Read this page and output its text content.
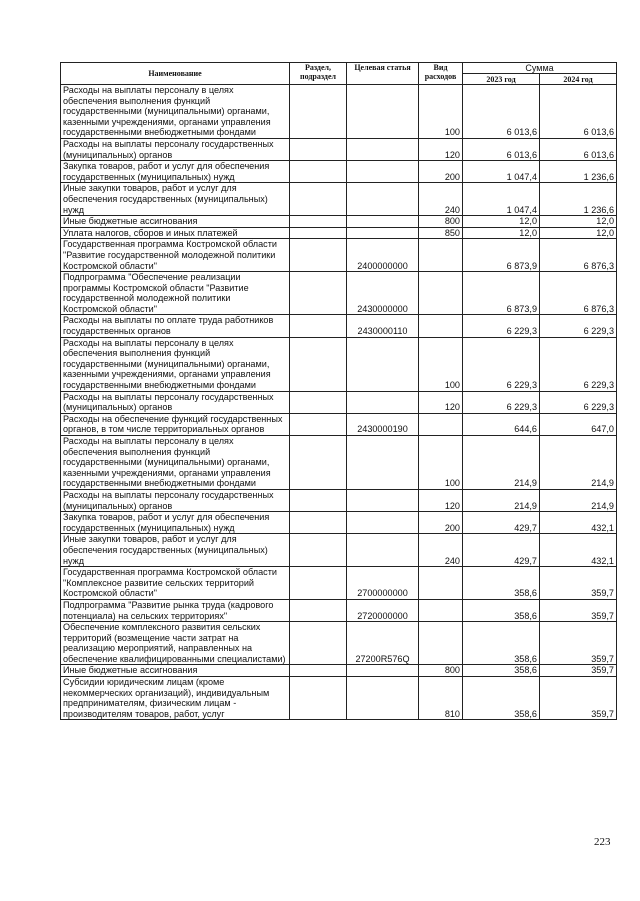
Наименование	Раздел, подраздел	Целевая статья	Вид расходов	Сумма	
				2023 год	2024 год
Расходы на выплаты персоналу в целях обеспечения выполнения функций государственными (муниципальными) органами, казенными учреждениями, органами управления государственными внебюджетными фондами			100	6 013,6	6 013,6
Расходы на выплаты персоналу государственных (муниципальных) органов			120	6 013,6	6 013,6
Закупка товаров, работ и услуг для обеспечения государственных (муниципальных) нужд			200	1 047,4	1 236,6
Иные закупки товаров, работ и услуг для обеспечения государственных (муниципальных) нужд			240	1 047,4	1 236,6
Иные бюджетные ассигнования			800	12,0	12,0
Уплата налогов, сборов и иных платежей			850	12,0	12,0
Государственная программа Костромской области "Развитие государственной молодежной политики Костромской области"		2400000000		6 873,9	6 876,3
Подпрограмма "Обеспечение реализации программы Костромской области "Развитие государственной молодежной политики Костромской области"		2430000000		6 873,9	6 876,3
Расходы на выплаты по оплате труда работников государственных органов		2430000110		6 229,3	6 229,3
Расходы на выплаты персоналу в целях обеспечения выполнения функций государственными (муниципальными) органами, казенными учреждениями, органами управления государственными внебюджетными фондами			100	6 229,3	6 229,3
Расходы на выплаты персоналу государственных (муниципальных) органов			120	6 229,3	6 229,3
Расходы на обеспечение функций государственных органов, в том числе территориальных органов		2430000190		644,6	647,0
Расходы на выплаты персоналу в целях обеспечения выполнения функций государственными (муниципальными) органами, казенными учреждениями, органами управления государственными внебюджетными фондами			100	214,9	214,9
Расходы на выплаты персоналу государственных (муниципальных) органов			120	214,9	214,9
Закупка товаров, работ и услуг для обеспечения государственных (муниципальных) нужд			200	429,7	432,1
Иные закупки товаров, работ и услуг для обеспечения государственных (муниципальных) нужд			240	429,7	432,1
Государственная программа Костромской области "Комплексное развитие сельских территорий Костромской области"		2700000000		358,6	359,7
Подпрограмма "Развитие рынка труда (кадрового потенциала) на сельских территориях"		2720000000		358,6	359,7
Обеспечение комплексного развития сельских территорий (возмещение части затрат на реализацию мероприятий, направленных на обеспечение квалифицированными специалистами)		27200R576Q		358,6	359,7
Иные бюджетные ассигнования			800	358,6	359,7
Субсидии юридическим лицам (кроме некоммерческих организаций), индивидуальным предпринимателям, физическим лицам - производителям товаров, работ, услуг			810	358,6	359,7
223
